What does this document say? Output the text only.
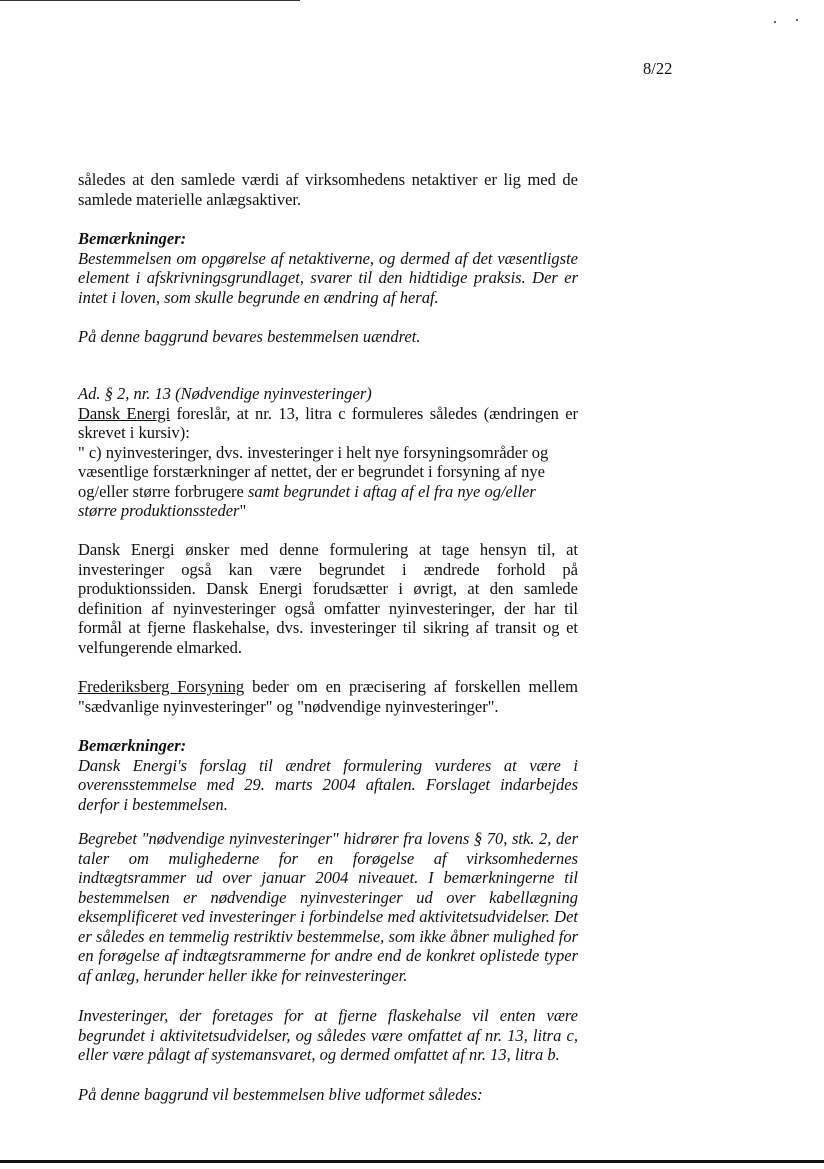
8/22

således at den samlede værdi af virksomhedens netaktiver er lig med de samlede materielle anlægsaktiver.

Bemærkninger:

Bestemmelsen om opgørelse af netaktiverne, og dermed af det væsentligste element i afskrivningsgrundlaget, svarer til den hidtidige praksis. Der er intet i loven, som skulle begrunde en ændring af heraf.

På denne baggrund bevares bestemmelsen uændret.

Ad. § 2, nr. 13 (Nødvendige nyinvesteringer)

Dansk Energi foreslår, at nr. 13, litra c formuleres således (ændringen er skrevet i kursiv):

" c) nyinvesteringer, dvs. investeringer i helt nye forsyningsområder og væsentlige forstærkninger af nettet, der er begrundet i forsyning af nye og/eller større forbrugere samt begrundet i aftag af el fra nye og/eller større produktionssteder"

Dansk Energi ønsker med denne formulering at tage hensyn til, at investeringer også kan være begrundet i ændrede forhold på produktionssiden. Dansk Energi forudsætter i øvrigt, at den samlede definition af nyinvesteringer også omfatter nyinvesteringer, der har til formål at fjerne flaskehalse, dvs. investeringer til sikring af transit og et velfungerende elmarked.

Frederiksberg Forsyning beder om en præcisering af forskellen mellem "sædvanlige nyinvesteringer" og "nødvendige nyinvesteringer".

Bemærkninger:

Dansk Energi's forslag til ændret formulering vurderes at være i overensstemmelse med 29. marts 2004 aftalen. Forslaget indarbejdes derfor i bestemmelsen.

Begrebet "nødvendige nyinvesteringer" hidrører fra lovens § 70, stk. 2, der taler om mulighederne for en forøgelse af virksomhedernes indtægtsrammer ud over januar 2004 niveauet. I bemærkningerne til bestemmelsen er nødvendige nyinvesteringer ud over kabellægning eksemplificeret ved investeringer i forbindelse med aktivitetsudvidelser. Det er således en temmelig restriktiv bestemmelse, som ikke åbner mulighed for en forøgelse af indtægtsrammerne for andre end de konkret oplistede typer af anlæg, herunder heller ikke for reinvesteringer.

Investeringer, der foretages for at fjerne flaskehalse vil enten være begrundet i aktivitetsudvidelser, og således være omfattet af nr. 13, litra c, eller være pålagt af systemansvaret, og dermed omfattet af nr. 13, litra b.

På denne baggrund vil bestemmelsen blive udformet således:
